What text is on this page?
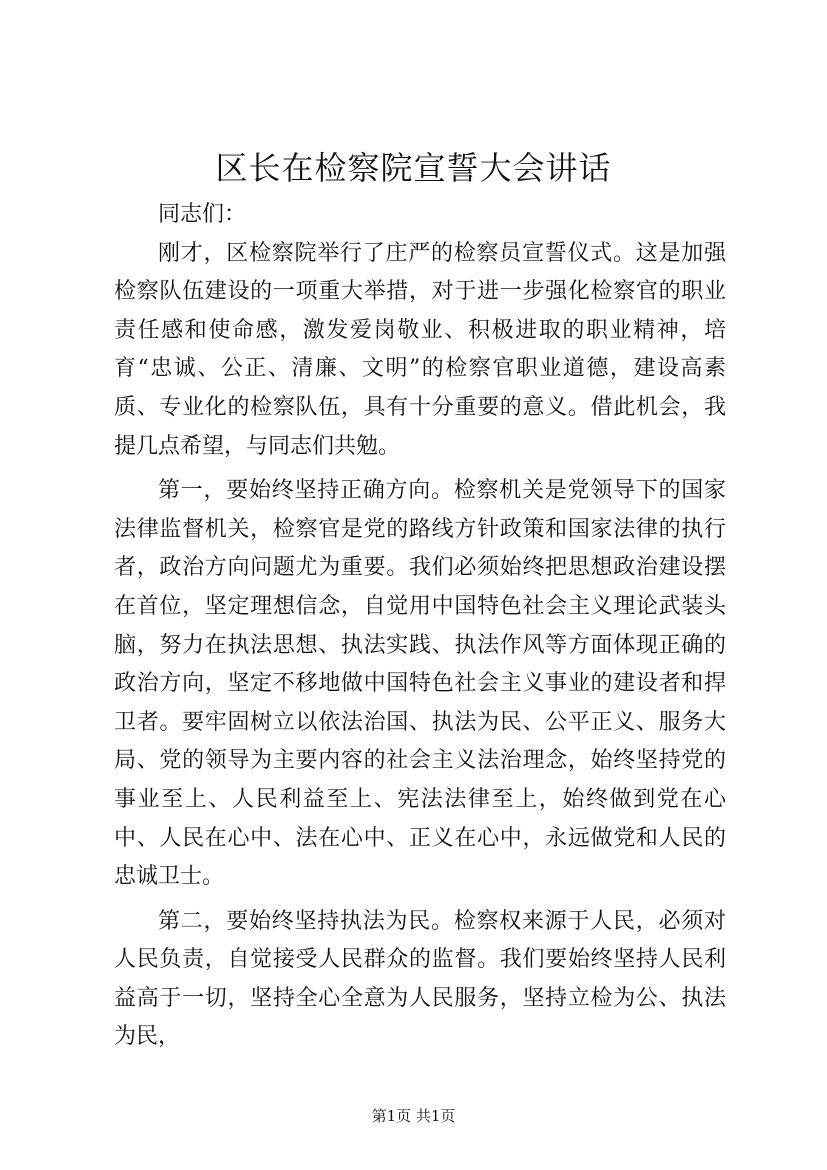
区长在检察院宣誓大会讲话

同志们：

刚才，区检察院举行了庄严的检察员宣誓仪式。这是加强检察队伍建设的一项重大举措，对于进一步强化检察官的职业责任感和使命感，激发爱岗敬业、积极进取的职业精神，培育“忠诚、公正、清廉、文明”的检察官职业道德，建设高素质、专业化的检察队伍，具有十分重要的意义。借此机会，我提几点希望，与同志们共勉。

第一，要始终坚持正确方向。检察机关是党领导下的国家法律监督机关，检察官是党的路线方针政策和国家法律的执行者，政治方向问题尤为重要。我们必须始终把思想政治建设摆在首位，坚定理想信念，自觉用中国特色社会主义理论武装头脑，努力在执法思想、执法实践、执法作风等方面体现正确的政治方向，坚定不移地做中国特色社会主义事业的建设者和捍卫者。要牢固树立以依法治国、执法为民、公平正义、服务大局、党的领导为主要内容的社会主义法治理念，始终坚持党的事业至上、人民利益至上、宪法法律至上，始终做到党在心中、人民在心中、法在心中、正义在心中，永远做党和人民的忠诚卫士。

第二，要始终坚持执法为民。检察权来源于人民，必须对人民负责，自觉接受人民群众的监督。我们要始终坚持人民利益高于一切，坚持全心全意为人民服务，坚持立检为公、执法为民，

第1页 共1页
